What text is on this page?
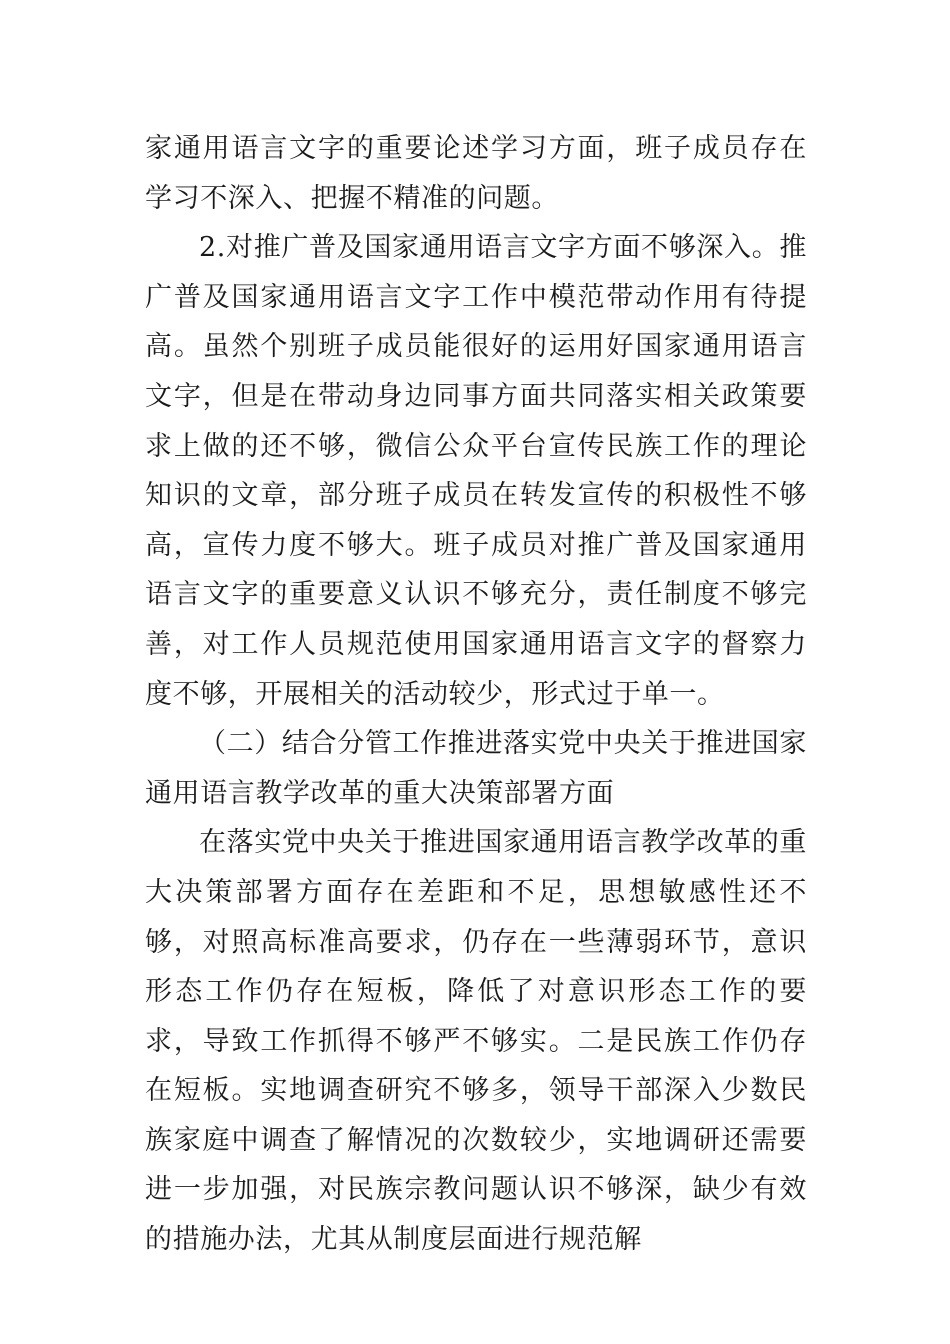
家通用语言文字的重要论述学习方面，班子成员存在学习不深入、把握不精准的问题。

2.对推广普及国家通用语言文字方面不够深入。推广普及国家通用语言文字工作中模范带动作用有待提高。虽然个别班子成员能很好的运用好国家通用语言文字，但是在带动身边同事方面共同落实相关政策要求上做的还不够，微信公众平台宣传民族工作的理论知识的文章，部分班子成员在转发宣传的积极性不够高，宣传力度不够大。班子成员对推广普及国家通用语言文字的重要意义认识不够充分，责任制度不够完善，对工作人员规范使用国家通用语言文字的督察力度不够，开展相关的活动较少，形式过于单一。

（二）结合分管工作推进落实党中央关于推进国家通用语言教学改革的重大决策部署方面

在落实党中央关于推进国家通用语言教学改革的重大决策部署方面存在差距和不足，思想敏感性还不够，对照高标准高要求，仍存在一些薄弱环节，意识形态工作仍存在短板，降低了对意识形态工作的要求，导致工作抓得不够严不够实。二是民族工作仍存在短板。实地调查研究不够多，领导干部深入少数民族家庭中调查了解情况的次数较少，实地调研还需要进一步加强，对民族宗教问题认识不够深，缺少有效的措施办法，尤其从制度层面进行规范解
